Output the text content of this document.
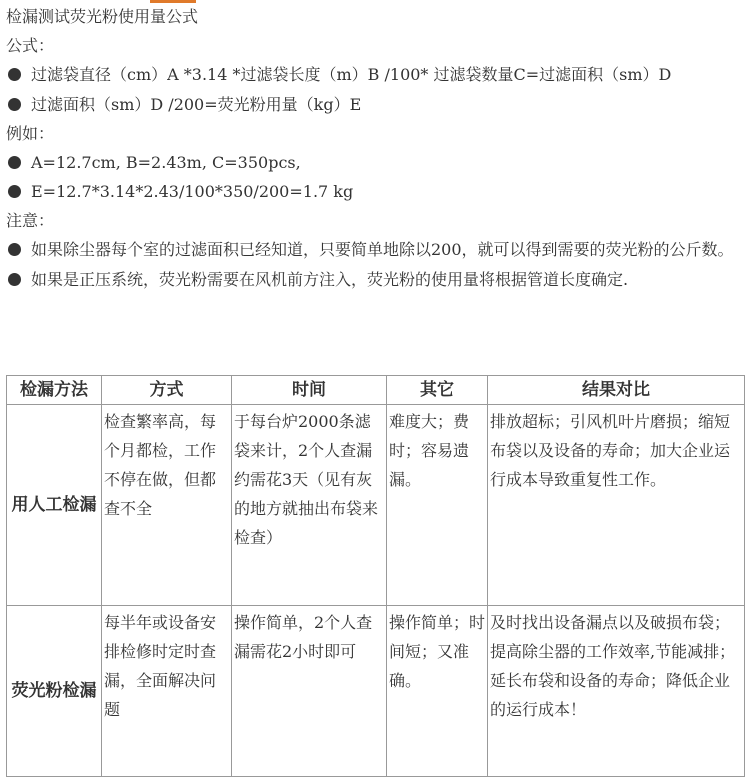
检漏测试荧光粉使用量公式
公式：
过滤袋直径（cm）A *3.14 *过滤袋长度（m）B /100* 过滤袋数量C=过滤面积（sm）D
过滤面积（sm）D /200=荧光粉用量（kg）E
例如：
A=12.7cm, B=2.43m, C=350pcs,
E=12.7*3.14*2.43/100*350/200=1.7 kg
注意：
如果除尘器每个室的过滤面积已经知道，只要简单地除以200，就可以得到需要的荧光粉的公斤数。
如果是正压系统，荧光粉需要在风机前方注入，荧光粉的使用量将根据管道长度确定.
检漏方法	方式	时间	其它	结果对比
用人工检漏	检查繁率高，每个月都检，工作不停在做，但都查不全	于每台炉2000条滤袋来计，2个人查漏约需花3天（见有灰的地方就抽出布袋来检查）	难度大；费时；容易遗漏。	排放超标；引风机叶片磨损；缩短布袋以及设备的寿命；加大企业运行成本导致重复性工作。

荧光粉检漏	每半年或设备安排检修时定时查漏，全面解决问题	操作简单，2个人查漏需花2小时即可	操作简单；时间短；又准确。	及时找出设备漏点以及破损布袋；提高除尘器的工作效率,节能减排；延长布袋和设备的寿命；降低企业的运行成本！
